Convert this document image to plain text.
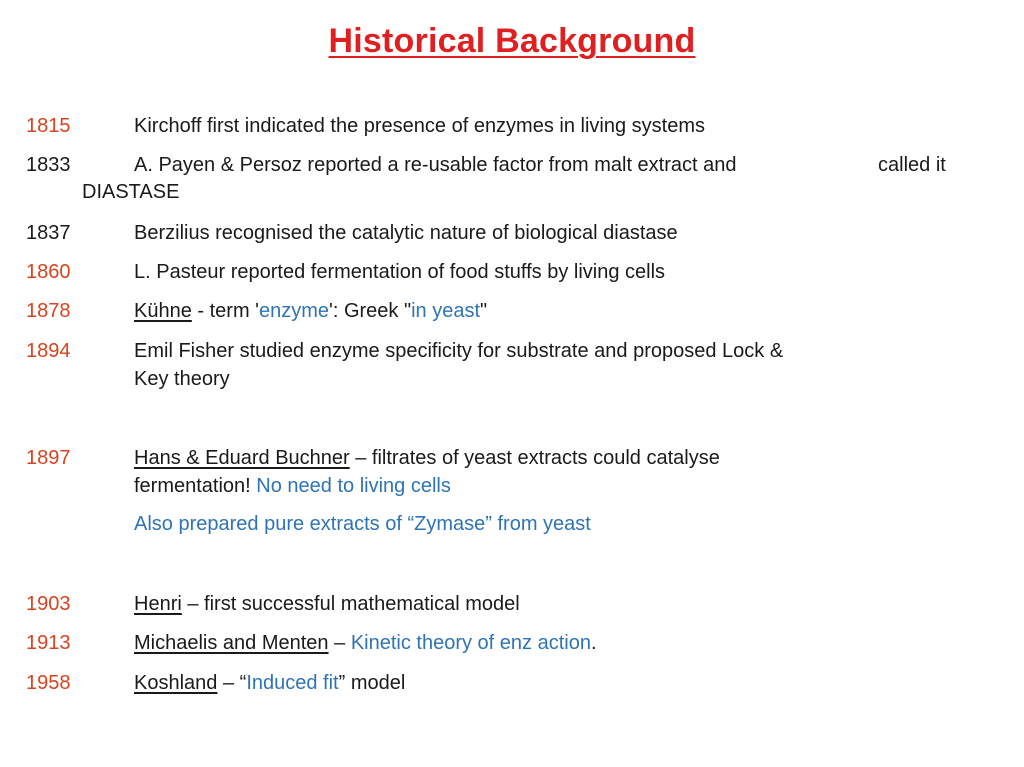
Historical Background
1815	Kirchoff first indicated the presence of enzymes in living systems
1833	A. Payen & Persoz reported a re-usable factor from malt extract and	called it
DIASTASE
1837	Berzilius recognised the catalytic nature of biological diastase
1860	L. Pasteur reported fermentation of food stuffs by living cells
1878	Kühne - term 'enzyme': Greek "in yeast"
1894	Emil Fisher studied enzyme specificity for substrate and proposed Lock &
Key theory
1897	Hans & Eduard Buchner – filtrates of yeast extracts could catalyse
fermentation! No need to living cells
Also prepared pure extracts of “Zymase” from yeast
1903	Henri – first successful mathematical model
1913	Michaelis and Menten – Kinetic theory of enz action.
1958	Koshland – “Induced fit” model
